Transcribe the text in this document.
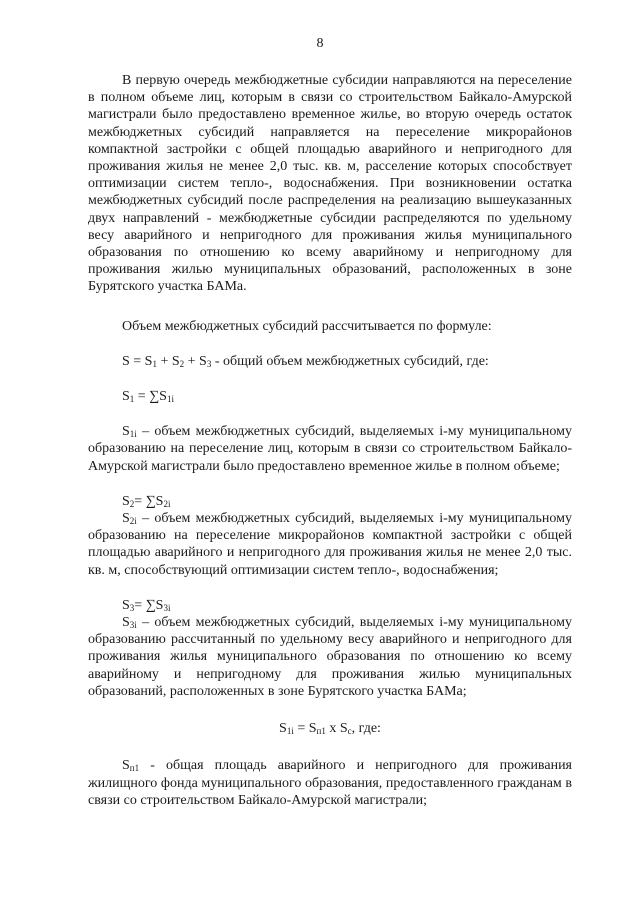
8

В первую очередь межбюджетные субсидии направляются на переселение в полном объеме лиц, которым в связи со строительством Байкало-Амурской магистрали было предоставлено временное жилье, во вторую очередь остаток межбюджетных субсидий направляется на переселение микрорайонов компактной застройки с общей площадью аварийного и непригодного для проживания жилья не менее 2,0 тыс. кв. м, расселение которых способствует оптимизации систем тепло-, водоснабжения. При возникновении остатка межбюджетных субсидий после распределения на реализацию вышеуказанных двух направлений - межбюджетные субсидии распределяются по удельному весу аварийного и непригодного для проживания жилья муниципального образования по отношению ко всему аварийному и непригодному для проживания жилью муниципальных образований, расположенных в зоне Бурятского участка БАМа.

Объем межбюджетных субсидий рассчитывается по формуле:

$S = S_1 + S_2 + S_3$ - общий объем межбюджетных субсидий, где:

$S_1 = \sum S_{1i}$

$S_{1i}$ – объем межбюджетных субсидий, выделяемых i-му муниципальному образованию на переселение лиц, которым в связи со строительством Байкало-Амурской магистрали было предоставлено временное жилье в полном объеме;

$S_2= \sum S_{2i}$

$S_{2i}$ – объем межбюджетных субсидий, выделяемых i-му муниципальному образованию на переселение микрорайонов компактной застройки с общей площадью аварийного и непригодного для проживания жилья не менее 2,0 тыс. кв. м, способствующий оптимизации систем тепло-, водоснабжения;

$S_3= \sum S_{3i}$

$S_{3i}$ – объем межбюджетных субсидий, выделяемых i-му муниципальному образованию рассчитанный по удельному весу аварийного и непригодного для проживания жилья муниципального образования по отношению ко всему аварийному и непригодному для проживания жилью муниципальных образований, расположенных в зоне Бурятского участка БАМа;

$S_{1i} = S_{п1}$ х $S_с$, где:

$S_{п1}$ - общая площадь аварийного и непригодного для проживания жилищного фонда муниципального образования, предоставленного гражданам в связи со строительством Байкало-Амурской магистрали;
